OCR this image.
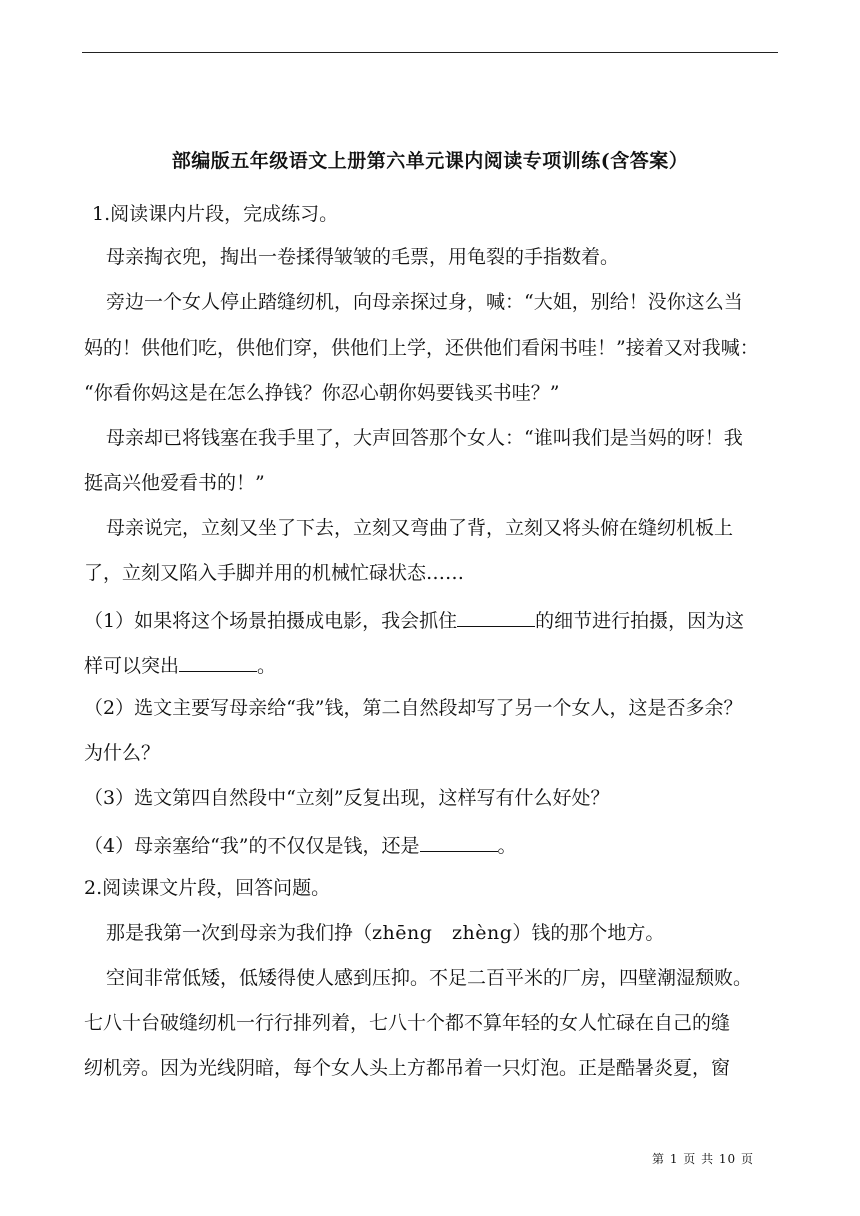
部编版五年级语文上册第六单元课内阅读专项训练(含答案）
1.阅读课内片段，完成练习。
母亲掏衣兜，掏出一卷揉得皱皱的毛票，用龟裂的手指数着。
旁边一个女人停止踏缝纫机，向母亲探过身，喊：“大姐，别给！没你这么当
妈的！供他们吃，供他们穿，供他们上学，还供他们看闲书哇！”接着又对我喊：
“你看你妈这是在怎么挣钱？你忍心朝你妈要钱买书哇？”
母亲却已将钱塞在我手里了，大声回答那个女人：“谁叫我们是当妈的呀！我
挺高兴他爱看书的！”
母亲说完，立刻又坐了下去，立刻又弯曲了背，立刻又将头俯在缝纫机板上
了，立刻又陷入手脚并用的机械忙碌状态……
（1）如果将这个场景拍摄成电影，我会抓住	的细节进行拍摄，因为这
样可以突出	。
（2）选文主要写母亲给“我”钱，第二自然段却写了另一个女人，这是否多余？
为什么？
（3）选文第四自然段中“立刻”反复出现，这样写有什么好处？
（4）母亲塞给“我”的不仅仅是钱，还是	。
2.阅读课文片段，回答问题。
那是我第一次到母亲为我们挣（zhēng   zhèng）钱的那个地方。
空间非常低矮，低矮得使人感到压抑。不足二百平米的厂房，四壁潮湿颓败。
七八十台破缝纫机一行行排列着，七八十个都不算年轻的女人忙碌在自己的缝
纫机旁。因为光线阴暗，每个女人头上方都吊着一只灯泡。正是酷暑炎夏，窗
第 1 页 共 10 页
